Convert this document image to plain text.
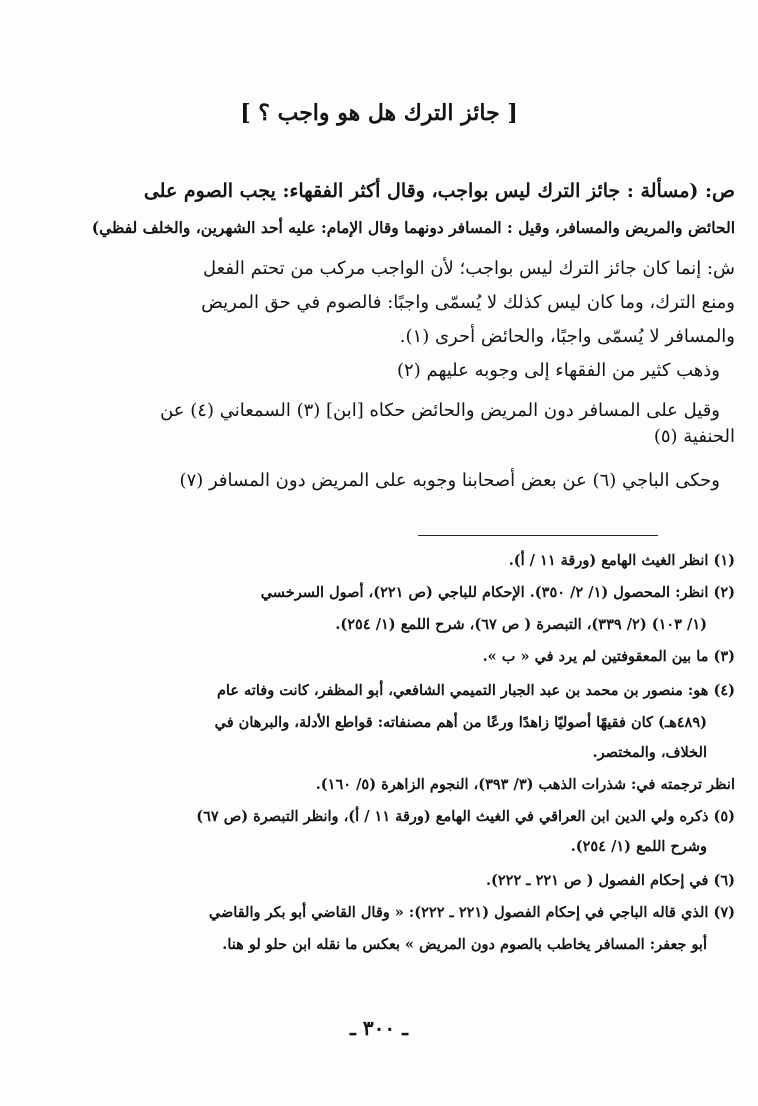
[ جائز الترك هل هو واجب ؟ ]
ص: (مسألة : جائز الترك ليس بواجب، وقال أكثر الفقهاء: يجب الصوم على
الحائض والمريض والمسافر، وقيل : المسافر دونهما وقال الإمام: عليه أحد الشهرين، والخلف لفظي)
ش: إنما كان جائز الترك ليس بواجب؛ لأن الواجب مركب من تحتم الفعل
ومنع الترك، وما كان ليس كذلك لا يُسمّى واجبًا: فالصوم في حق المريض
والمسافر لا يُسمّى واجبًا، والحائض أحرى (١).
وذهب كثير من الفقهاء إلى وجوبه عليهم (٢)
وقيل على المسافر دون المريض والحائض حكاه [ابن] (٣) السمعاني (٤) عن
الحنفية (٥)
وحكى الباجي (٦) عن بعض أصحابنا وجوبه على المريض دون المسافر (٧)
(١) انظر الغيث الهامع (ورقة ١١ / أ).
(٢) انظر: المحصول (١/ ٢/ ٣٥٠). الإحكام للباجي (ص ٢٢١)، أصول السرخسي
(١/ ١٠٣) (٢/ ٣٣٩)، التبصرة ( ص ٦٧)، شرح اللمع (١/ ٢٥٤).
(٣) ما بين المعقوفتين لم يرد في « ب ».
(٤) هو: منصور بن محمد بن عبد الجبار التميمي الشافعي، أبو المظفر، كانت وفاته عام
(٤٨٩هـ) كان فقيهًا أصوليًا زاهدًا ورعًا من أهم مصنفاته: قواطع الأدلة، والبرهان في
الخلاف، والمختصر.
انظر ترجمته في: شذرات الذهب (٣/ ٣٩٣)، النجوم الزاهرة (٥/ ١٦٠).
(٥) ذكره ولي الدين ابن العراقي في الغيث الهامع (ورقة ١١ / أ)، وانظر التبصرة (ص ٦٧)
وشرح اللمع (١/ ٢٥٤).
(٦) في إحكام الفصول ( ص ٢٢١ ـ ٢٢٢).
(٧) الذي قاله الباجي في إحكام الفصول (٢٢١ ـ ٢٢٢): « وقال القاضي أبو بكر والقاضي
أبو جعفر: المسافر يخاطب بالصوم دون المريض » بعكس ما نقله ابن حلو لو هنا.
ـ ٣٠٠ ـ
